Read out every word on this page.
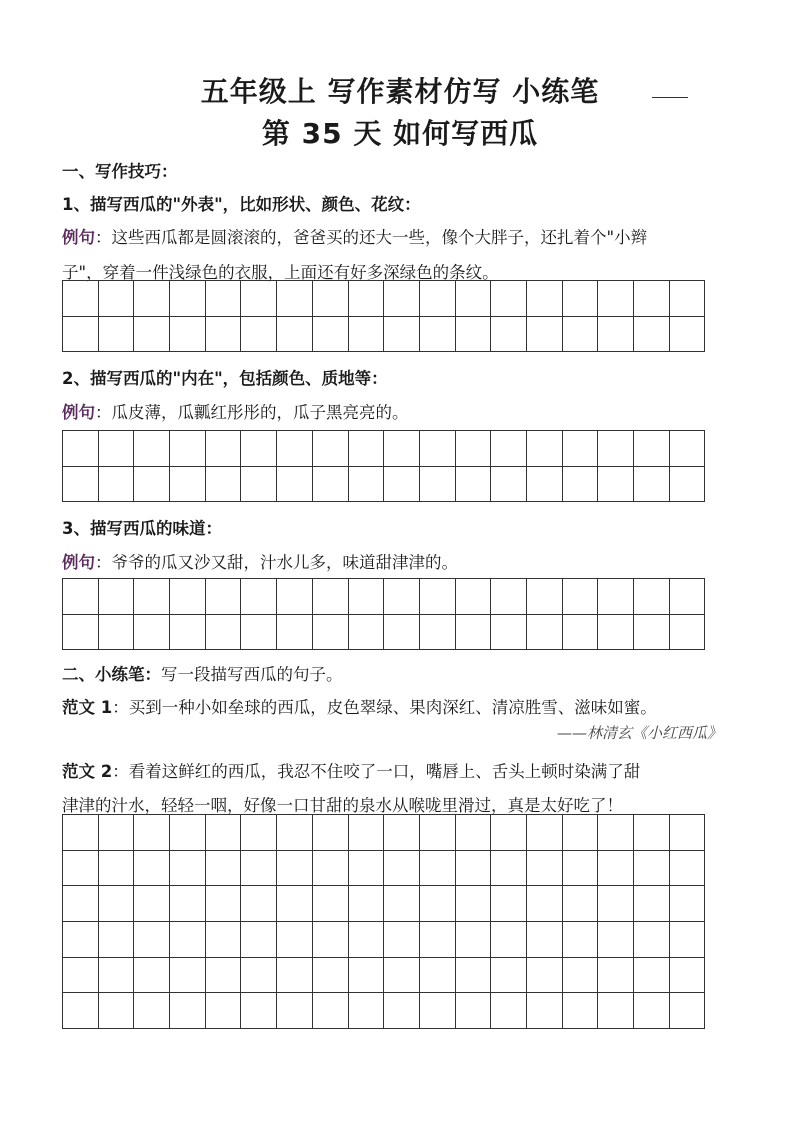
五年级上 写作素材仿写 小练笔
第 35 天 如何写西瓜
一、写作技巧：
1、描写西瓜的"外表"，比如形状、颜色、花纹：
例句：这些西瓜都是圆滚滚的，爸爸买的还大一些，像个大胖子，还扎着个"小辫
子"，穿着一件浅绿色的衣服，上面还有好多深绿色的条纹。

2、描写西瓜的"内在"，包括颜色、质地等：
例句：瓜皮薄，瓜瓤红彤彤的，瓜子黑亮亮的。

3、描写西瓜的味道：
例句：爷爷的瓜又沙又甜，汁水儿多，味道甜津津的。

二、小练笔：写一段描写西瓜的句子。
范文 1：买到一种小如垒球的西瓜，皮色翠绿、果肉深红、清凉胜雪、滋味如蜜。
——林清玄《小红西瓜》
范文 2：看着这鲜红的西瓜，我忍不住咬了一口，嘴唇上、舌头上顿时染满了甜
津津的汁水，轻轻一咽，好像一口甘甜的泉水从喉咙里滑过，真是太好吃了！
